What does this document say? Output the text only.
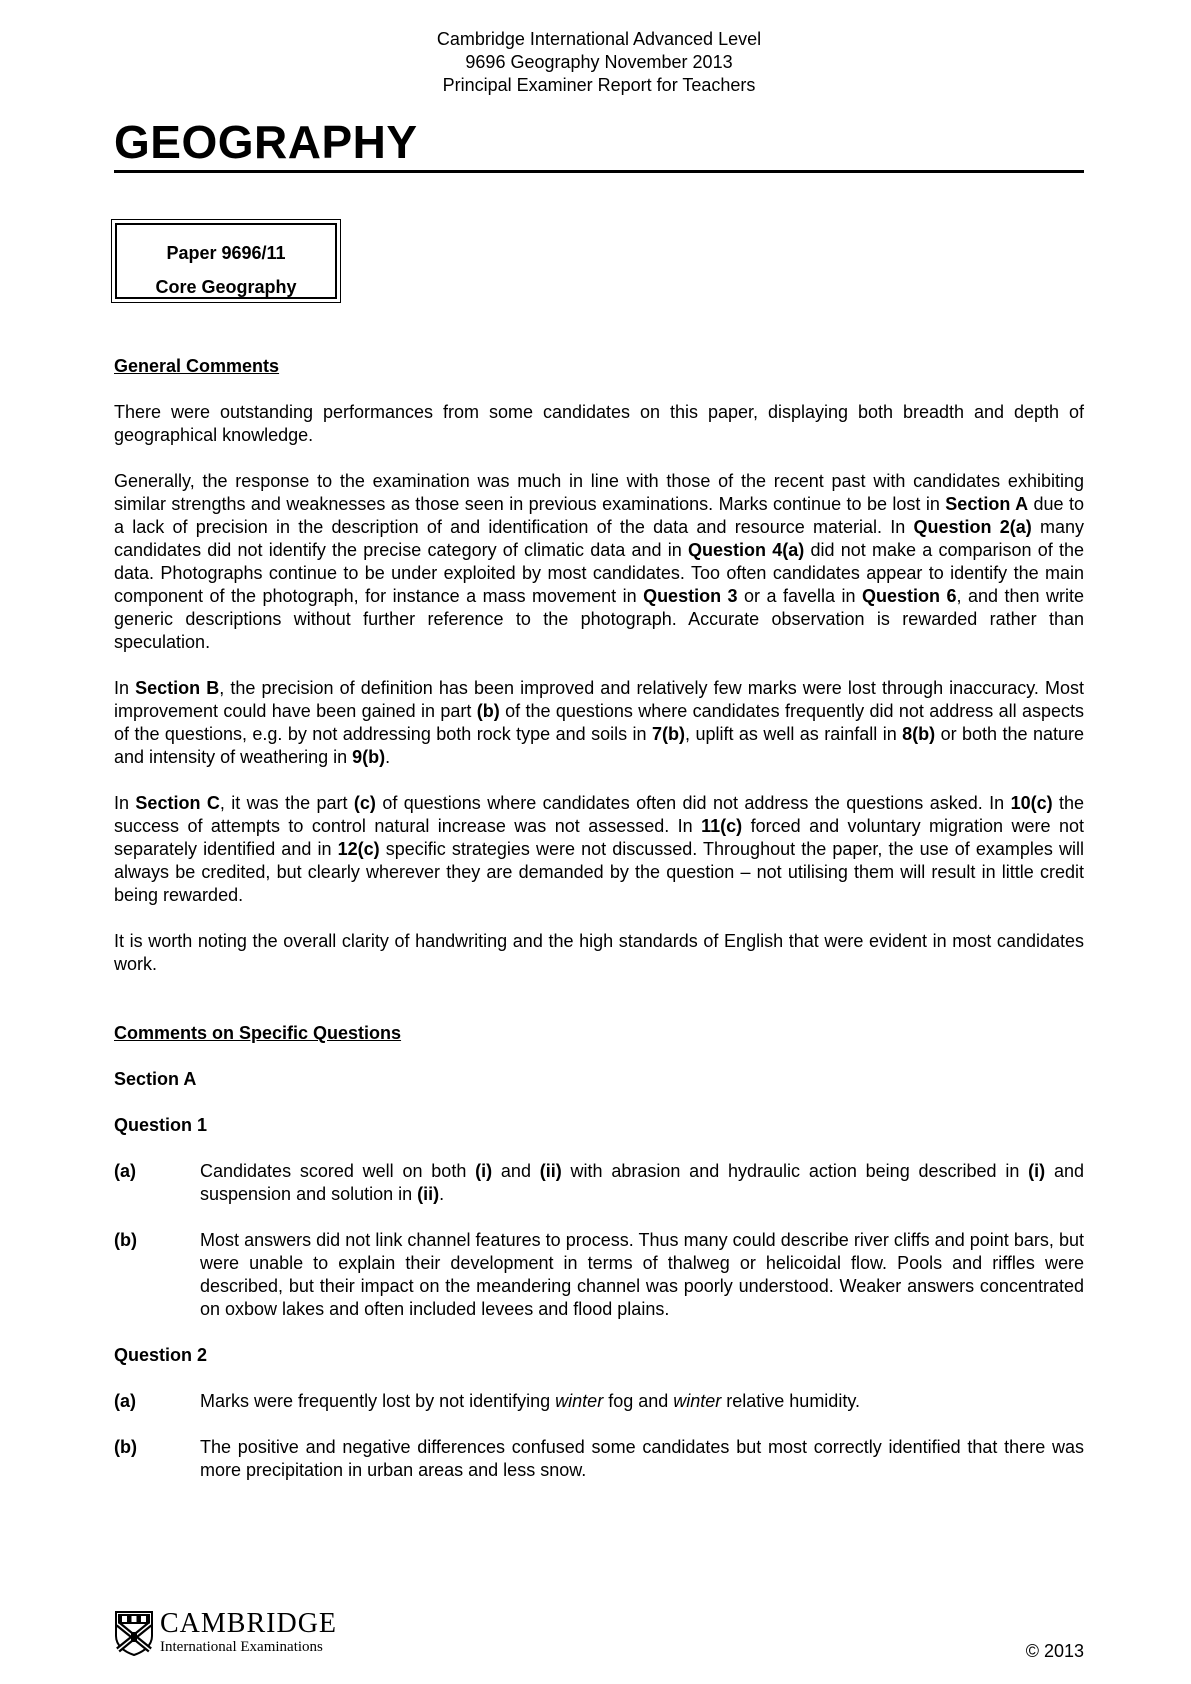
Cambridge International Advanced Level
9696 Geography November 2013
Principal Examiner Report for Teachers
GEOGRAPHY
Paper 9696/11
Core Geography
General Comments

There were outstanding performances from some candidates on this paper, displaying both breadth and depth of geographical knowledge.

Generally, the response to the examination was much in line with those of the recent past with candidates exhibiting similar strengths and weaknesses as those seen in previous examinations. Marks continue to be lost in Section A due to a lack of precision in the description of and identification of the data and resource material. In Question 2(a) many candidates did not identify the precise category of climatic data and in Question 4(a) did not make a comparison of the data. Photographs continue to be under exploited by most candidates. Too often candidates appear to identify the main component of the photograph, for instance a mass movement in Question 3 or a favella in Question 6, and then write generic descriptions without further reference to the photograph. Accurate observation is rewarded rather than speculation.

In Section B, the precision of definition has been improved and relatively few marks were lost through inaccuracy. Most improvement could have been gained in part (b) of the questions where candidates frequently did not address all aspects of the questions, e.g. by not addressing both rock type and soils in 7(b), uplift as well as rainfall in 8(b) or both the nature and intensity of weathering in 9(b).

In Section C, it was the part (c) of questions where candidates often did not address the questions asked. In 10(c) the success of attempts to control natural increase was not assessed. In 11(c) forced and voluntary migration were not separately identified and in 12(c) specific strategies were not discussed. Throughout the paper, the use of examples will always be credited, but clearly wherever they are demanded by the question – not utilising them will result in little credit being rewarded.

It is worth noting the overall clarity of handwriting and the high standards of English that were evident in most candidates work.

Comments on Specific Questions
Section A
Question 1
(a)	Candidates scored well on both (i) and (ii) with abrasion and hydraulic action being described in (i) and suspension and solution in (ii).
(b)	Most answers did not link channel features to process. Thus many could describe river cliffs and point bars, but were unable to explain their development in terms of thalweg or helicoidal flow. Pools and riffles were described, but their impact on the meandering channel was poorly understood. Weaker answers concentrated on oxbow lakes and often included levees and flood plains.
Question 2
(a)	Marks were frequently lost by not identifying winter fog and winter relative humidity.
(b)	The positive and negative differences confused some candidates but most correctly identified that there was more precipitation in urban areas and less snow.
CAMBRIDGE
International Examinations	© 2013
